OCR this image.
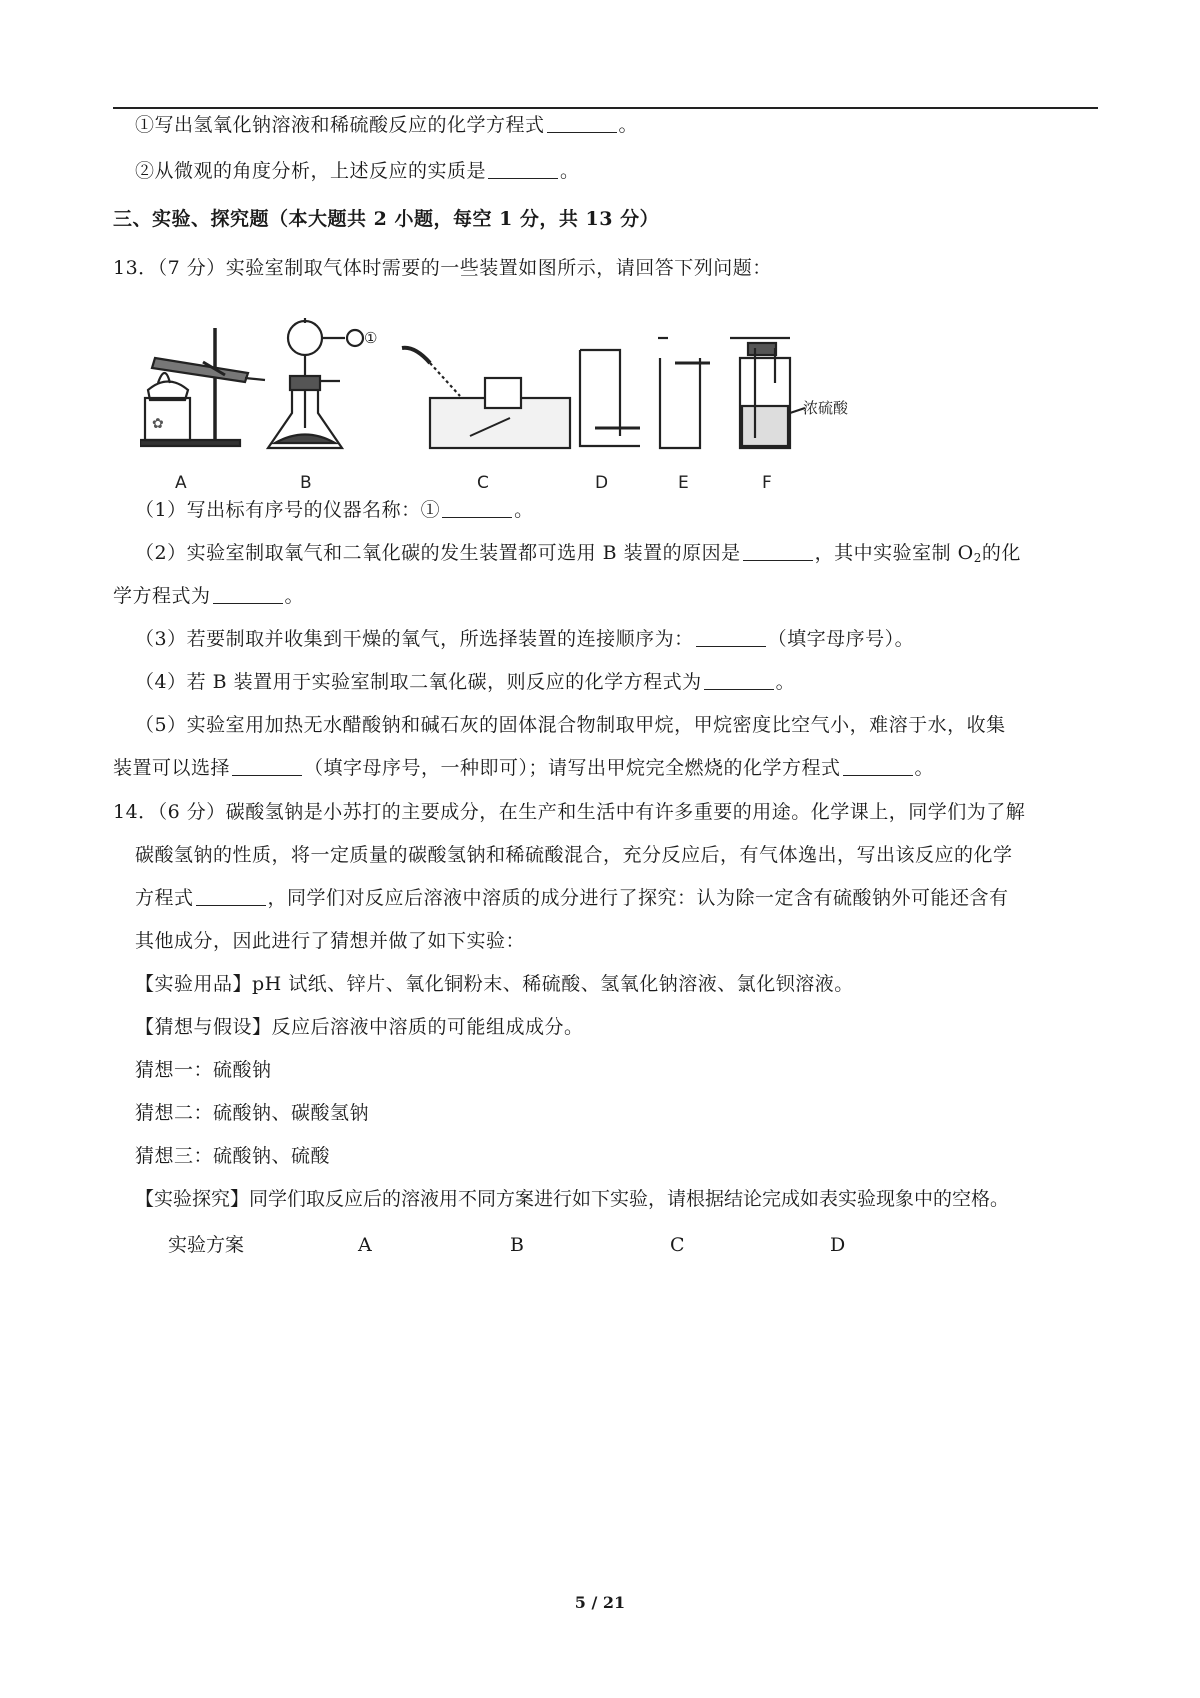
①写出氢氧化钠溶液和稀硫酸反应的化学方程式	。
②从微观的角度分析，上述反应的实质是	。
三、实验、探究题（本大题共 2 小题，每空 1 分，共 13 分）
13．（7 分）实验室制取气体时需要的一些装置如图所示，请回答下列问题：
✿
①
浓硫酸
A	B	C	D	E	F
（1）写出标有序号的仪器名称：①	。
（2）实验室制取氧气和二氧化碳的发生装置都可选用 B 装置的原因是	，其中实验室制 $O_2$的化
学方程式为	。
（3）若要制取并收集到干燥的氧气，所选择装置的连接顺序为：	（填字母序号）。
（4）若 B 装置用于实验室制取二氧化碳，则反应的化学方程式为	。
（5）实验室用加热无水醋酸钠和碱石灰的固体混合物制取甲烷，甲烷密度比空气小，难溶于水，收集
装置可以选择	（填字母序号，一种即可）；请写出甲烷完全燃烧的化学方程式	。
14．（6 分）碳酸氢钠是小苏打的主要成分，在生产和生活中有许多重要的用途。化学课上，同学们为了解
碳酸氢钠的性质，将一定质量的碳酸氢钠和稀硫酸混合，充分反应后，有气体逸出，写出该反应的化学
方程式	，同学们对反应后溶液中溶质的成分进行了探究：认为除一定含有硫酸钠外可能还含有
其他成分，因此进行了猜想并做了如下实验：
【实验用品】pH 试纸、锌片、氧化铜粉末、稀硫酸、氢氧化钠溶液、氯化钡溶液。
【猜想与假设】反应后溶液中溶质的可能组成成分。
猜想一：硫酸钠
猜想二：硫酸钠、碳酸氢钠
猜想三：硫酸钠、硫酸
【实验探究】同学们取反应后的溶液用不同方案进行如下实验，请根据结论完成如表实验现象中的空格。
实验方案	A	B	C	D
5 / 21
